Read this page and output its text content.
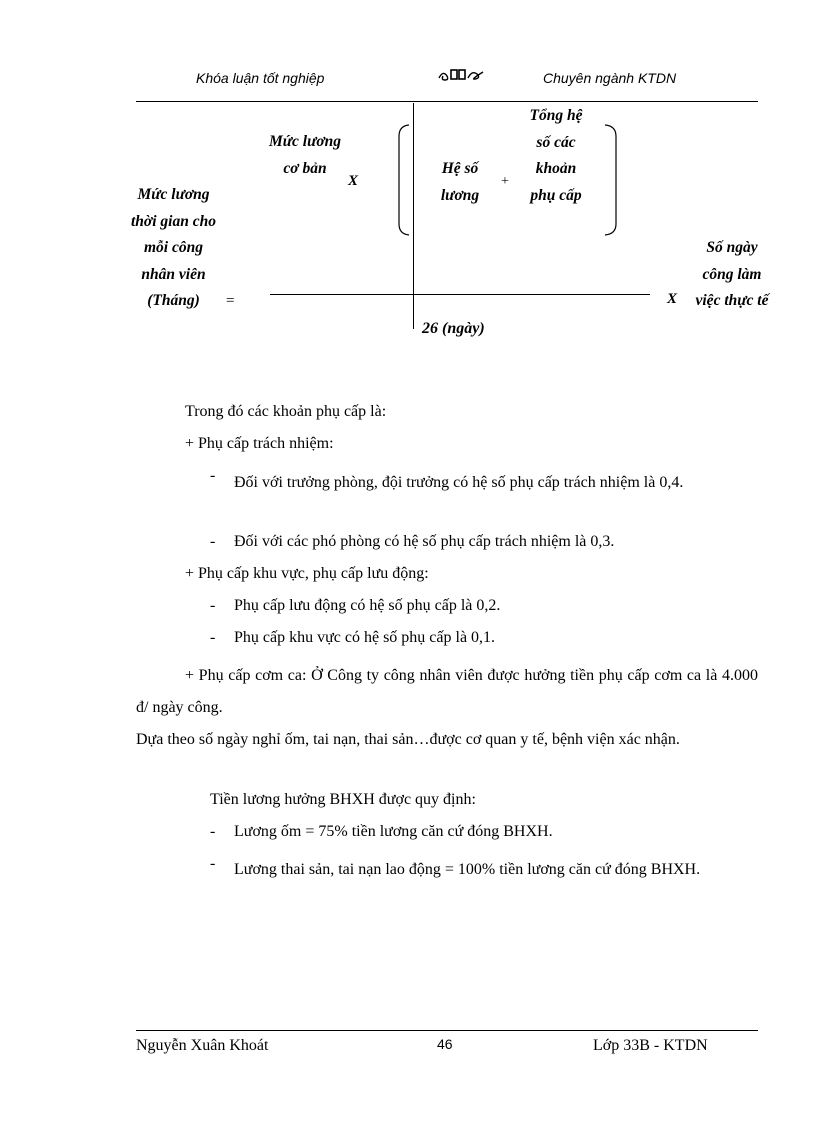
Khóa luận tốt nghiệp	Chuyên ngành KTDN
Mức lương thời gian cho mỗi công nhân viên (Tháng)	=
Mức lương cơ bản
X
Hệ số lương
+
Tổng hệ số các khoản phụ cấp
26 (ngày)
X
Số ngày công làm việc thực tế
Trong đó các khoản phụ cấp là:
+ Phụ cấp trách nhiệm:
- Đối với trưởng phòng, đội trưởng có hệ số phụ cấp trách nhiệm là 0,4.
- Đối với các phó phòng có hệ số phụ cấp trách nhiệm là 0,3.
+ Phụ cấp khu vực, phụ cấp lưu động:
- Phụ cấp lưu động có hệ số phụ cấp là 0,2.
- Phụ cấp khu vực có hệ số phụ cấp là 0,1.
+ Phụ cấp cơm ca: Ở Công ty công nhân viên được hưởng tiền phụ cấp cơm ca là 4.000 đ/ ngày công.
Dựa theo số ngày nghỉ ốm, tai nạn, thai sản…được cơ quan y tế, bệnh viện xác nhận.
Tiền lương hưởng BHXH được quy định:
- Lương ốm = 75% tiền lương căn cứ đóng BHXH.
- Lương thai sản, tai nạn lao động = 100% tiền lương căn cứ đóng BHXH.
Nguyễn Xuân Khoát	46	Lớp 33B - KTDN
